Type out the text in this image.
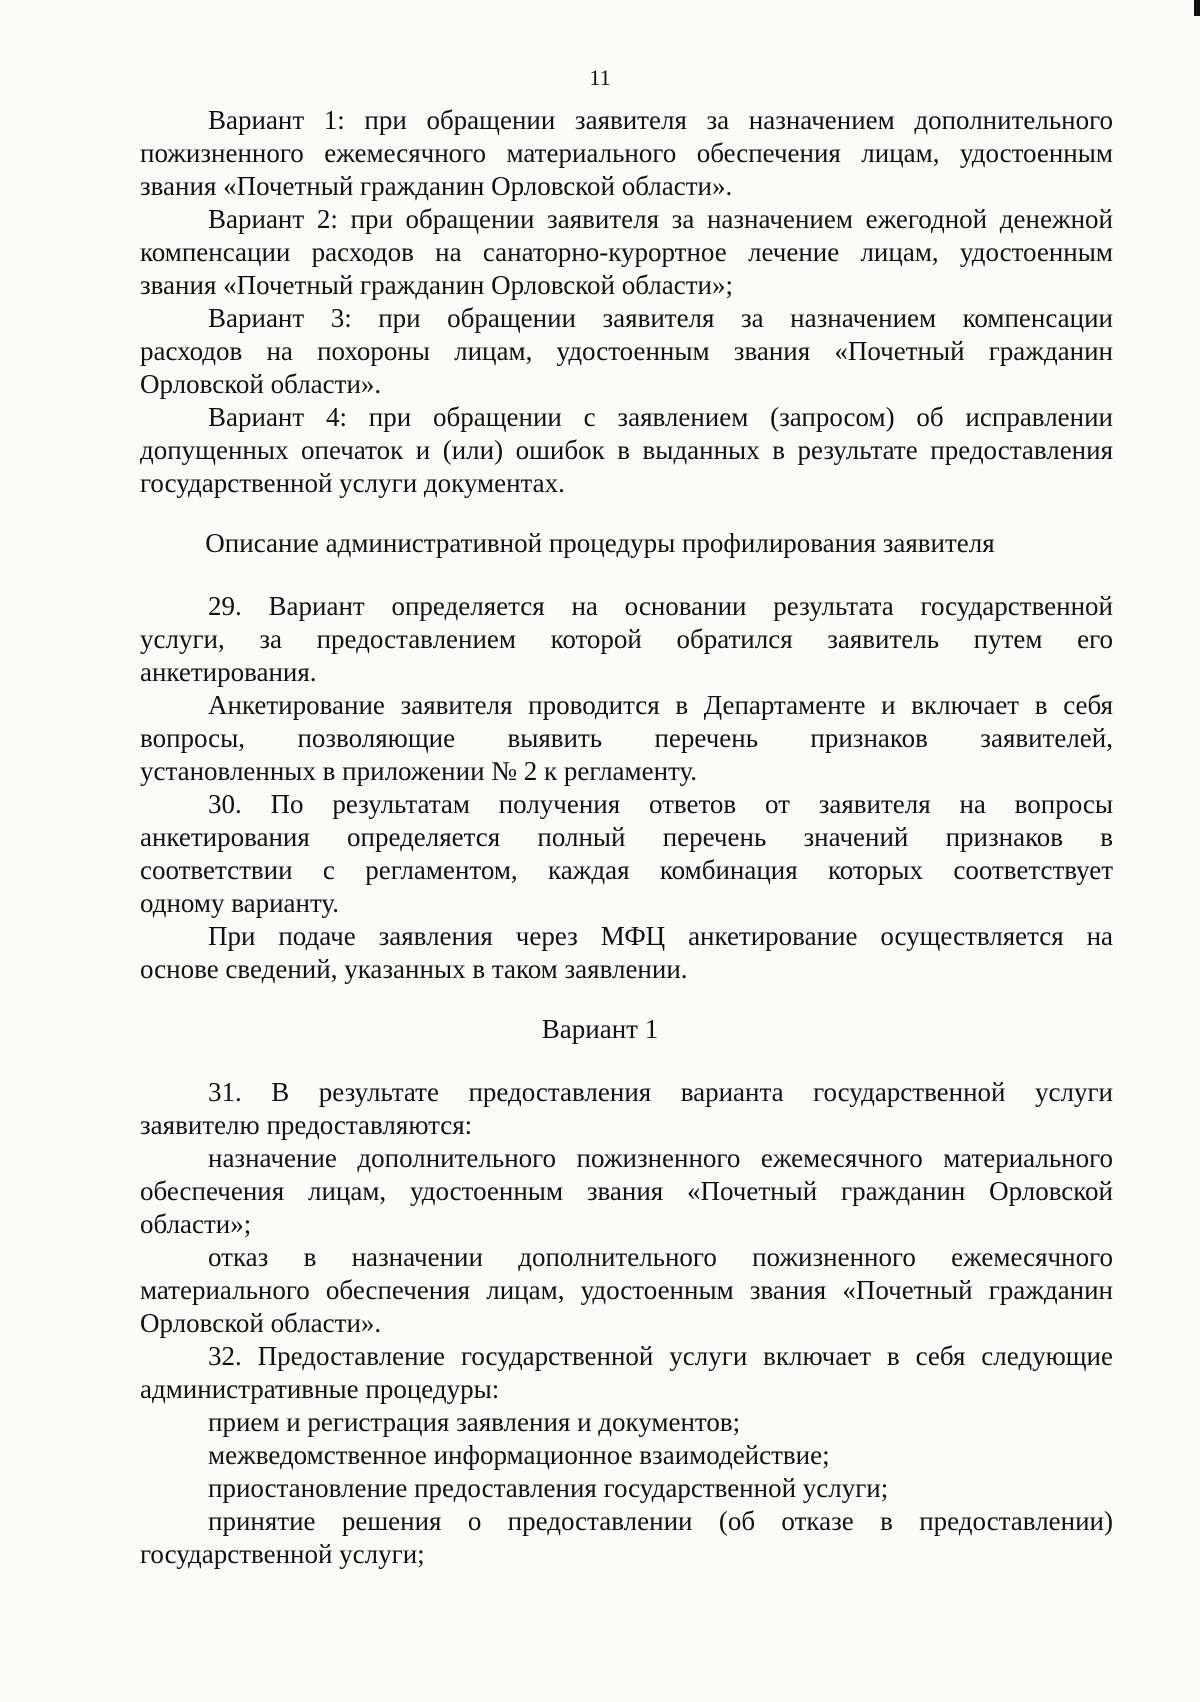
11
Вариант 1: при обращении заявителя за назначением дополнительного
пожизненного ежемесячного материального обеспечения лицам, удостоенным
звания «Почетный гражданин Орловской области».
Вариант 2: при обращении заявителя за назначением ежегодной денежной
компенсации расходов на санаторно-курортное лечение лицам, удостоенным
звания «Почетный гражданин Орловской области»;
Вариант 3: при обращении заявителя за назначением компенсации
расходов на похороны лицам, удостоенным звания «Почетный гражданин
Орловской области».
Вариант 4: при обращении с заявлением (запросом) об исправлении
допущенных опечаток и (или) ошибок в выданных в результате предоставления
государственной услуги документах.
Описание административной процедуры профилирования заявителя
29. Вариант определяется на основании результата государственной
услуги, за предоставлением которой обратился заявитель путем его
анкетирования.
Анкетирование заявителя проводится в Департаменте и включает в себя
вопросы, позволяющие выявить перечень признаков заявителей,
установленных в приложении № 2 к регламенту.
30. По результатам получения ответов от заявителя на вопросы
анкетирования определяется полный перечень значений признаков в
соответствии с регламентом, каждая комбинация которых соответствует
одному варианту.
При подаче заявления через МФЦ анкетирование осуществляется на
основе сведений, указанных в таком заявлении.
Вариант 1
31. В результате предоставления варианта государственной услуги
заявителю предоставляются:
назначение дополнительного пожизненного ежемесячного материального
обеспечения лицам, удостоенным звания «Почетный гражданин Орловской
области»;
отказ в назначении дополнительного пожизненного ежемесячного
материального обеспечения лицам, удостоенным звания «Почетный гражданин
Орловской области».
32. Предоставление государственной услуги включает в себя следующие
административные процедуры:
прием и регистрация заявления и документов;
межведомственное информационное взаимодействие;
приостановление предоставления государственной услуги;
принятие решения о предоставлении (об отказе в предоставлении)
государственной услуги;
